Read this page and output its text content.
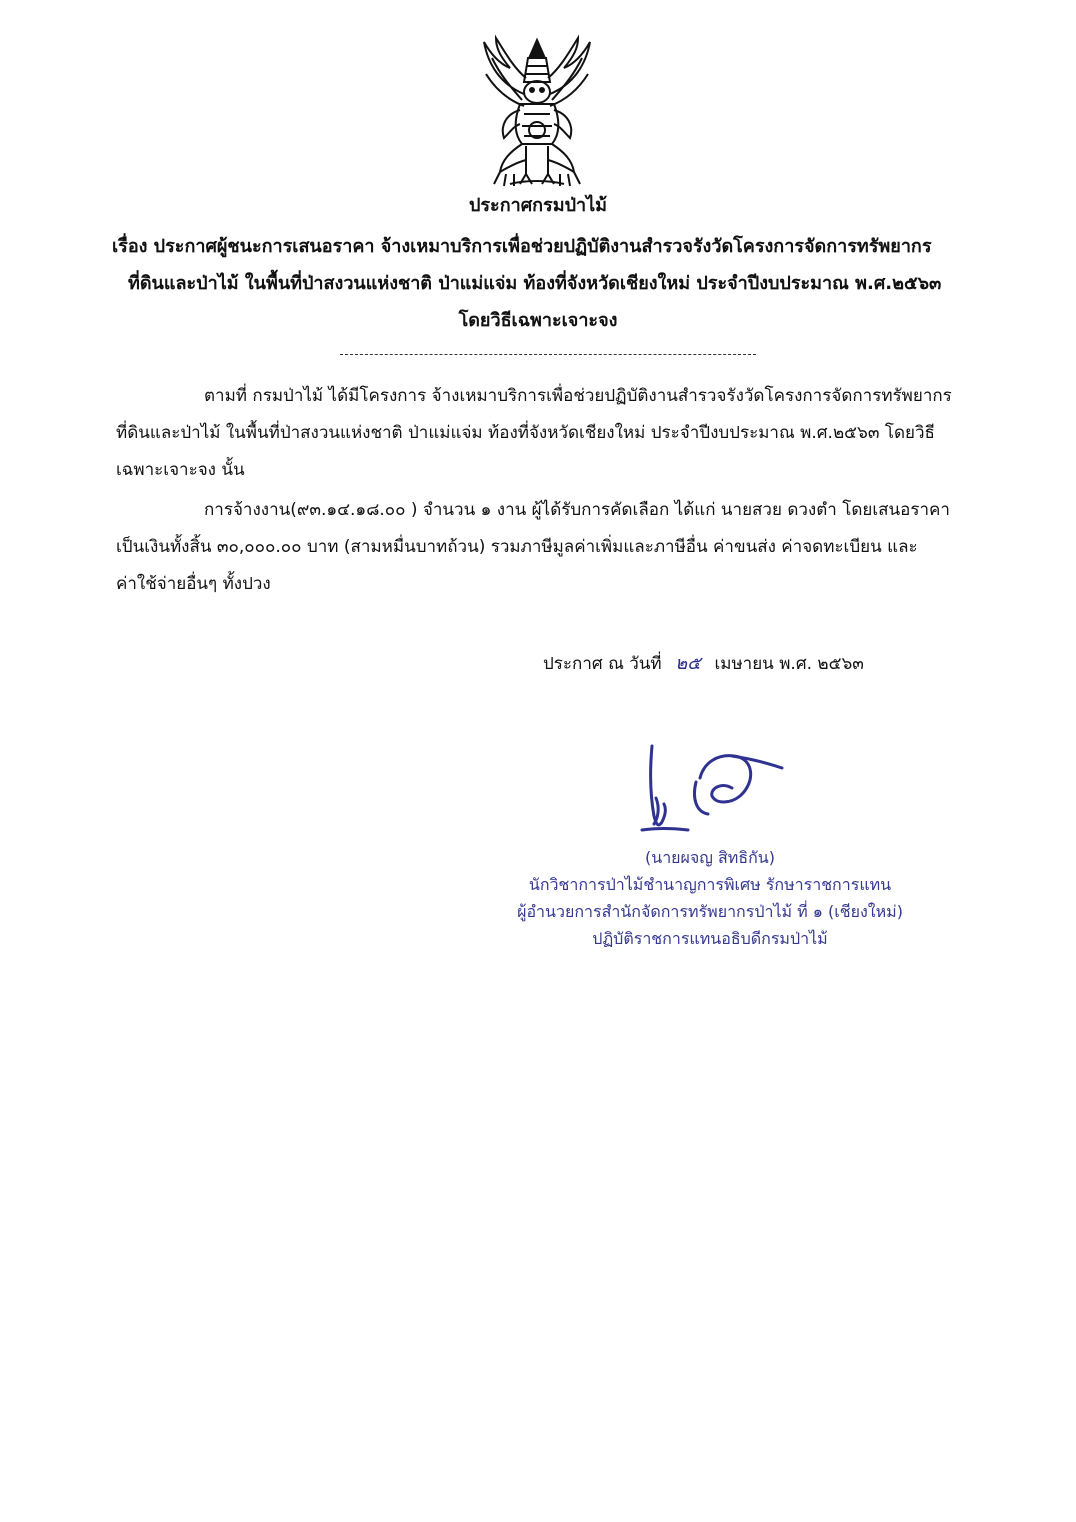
ประกาศกรมป่าไม้
เรื่อง ประกาศผู้ชนะการเสนอราคา จ้างเหมาบริการเพื่อช่วยปฏิบัติงานสำรวจรังวัดโครงการจัดการทรัพยากร
ที่ดินและป่าไม้ ในพื้นที่ป่าสงวนแห่งชาติ ป่าแม่แจ่ม ท้องที่จังหวัดเชียงใหม่ ประจำปีงบประมาณ พ.ศ.๒๕๖๓
โดยวิธีเฉพาะเจาะจง
ตามที่ กรมป่าไม้ ได้มีโครงการ จ้างเหมาบริการเพื่อช่วยปฏิบัติงานสำรวจรังวัดโครงการจัดการทรัพยากร
ที่ดินและป่าไม้ ในพื้นที่ป่าสงวนแห่งชาติ ป่าแม่แจ่ม ท้องที่จังหวัดเชียงใหม่ ประจำปีงบประมาณ พ.ศ.๒๕๖๓ โดยวิธี
เฉพาะเจาะจง นั้น
การจ้างงาน(๙๓.๑๔.๑๘.๐๐ ) จำนวน ๑ งาน ผู้ได้รับการคัดเลือก ได้แก่ นายสวย ดวงตำ โดยเสนอราคา
เป็นเงินทั้งสิ้น ๓๐,๐๐๐.๐๐ บาท (สามหมื่นบาทถ้วน) รวมภาษีมูลค่าเพิ่มและภาษีอื่น ค่าขนส่ง ค่าจดทะเบียน และ
ค่าใช้จ่ายอื่นๆ ทั้งปวง
ประกาศ ณ วันที่ ๒๕ เมษายน พ.ศ. ๒๕๖๓
(นายผจญ สิทธิกัน)
นักวิชาการป่าไม้ชำนาญการพิเศษ รักษาราชการแทน
ผู้อำนวยการสำนักจัดการทรัพยากรป่าไม้ ที่ ๑ (เชียงใหม่)
ปฏิบัติราชการแทนอธิบดีกรมป่าไม้
